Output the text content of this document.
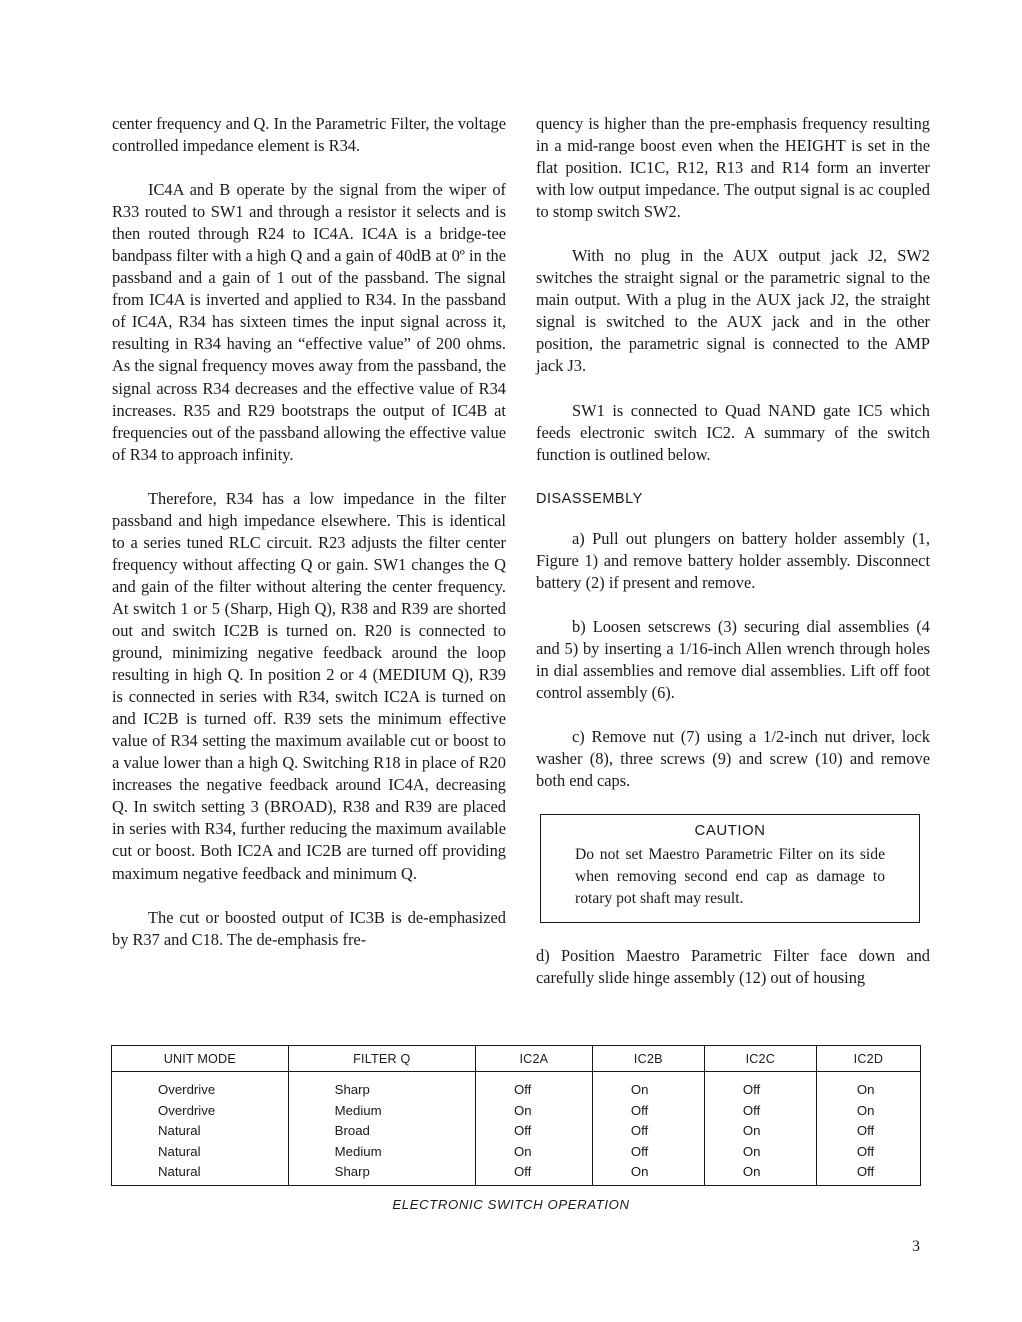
center frequency and Q. In the Parametric Filter, the voltage controlled impedance element is R34.

IC4A and B operate by the signal from the wiper of R33 routed to SW1 and through a resistor it selects and is then routed through R24 to IC4A. IC4A is a bridge-tee bandpass filter with a high Q and a gain of 40dB at 0º in the passband and a gain of 1 out of the passband. The signal from IC4A is inverted and applied to R34. In the passband of IC4A, R34 has sixteen times the input signal across it, resulting in R34 having an “effective value” of 200 ohms. As the signal frequency moves away from the passband, the signal across R34 decreases and the effective value of R34 increases. R35 and R29 bootstraps the output of IC4B at frequencies out of the passband allowing the effective value of R34 to approach infinity.

Therefore, R34 has a low impedance in the filter passband and high impedance elsewhere. This is identical to a series tuned RLC circuit. R23 adjusts the filter center frequency without affecting Q or gain. SW1 changes the Q and gain of the filter without altering the center frequency. At switch 1 or 5 (Sharp, High Q), R38 and R39 are shorted out and switch IC2B is turned on. R20 is connected to ground, minimizing negative feedback around the loop resulting in high Q. In position 2 or 4 (MEDIUM Q), R39 is connected in series with R34, switch IC2A is turned on and IC2B is turned off. R39 sets the minimum effective value of R34 setting the maximum available cut or boost to a value lower than a high Q. Switching R18 in place of R20 increases the negative feedback around IC4A, decreasing Q. In switch setting 3 (BROAD), R38 and R39 are placed in series with R34, further reducing the maximum available cut or boost. Both IC2A and IC2B are turned off providing maximum negative feedback and minimum Q.

The cut or boosted output of IC3B is de-emphasized by R37 and C18. The de-emphasis fre-

quency is higher than the pre-emphasis frequency resulting in a mid-range boost even when the HEIGHT is set in the flat position. IC1C, R12, R13 and R14 form an inverter with low output impedance. The output signal is ac coupled to stomp switch SW2.

With no plug in the AUX output jack J2, SW2 switches the straight signal or the parametric signal to the main output. With a plug in the AUX jack J2, the straight signal is switched to the AUX jack and in the other position, the parametric signal is connected to the AMP jack J3.

SW1 is connected to Quad NAND gate IC5 which feeds electronic switch IC2. A summary of the switch function is outlined below.

DISASSEMBLY

a) Pull out plungers on battery holder assembly (1, Figure 1) and remove battery holder assembly. Disconnect battery (2) if present and remove.

b) Loosen setscrews (3) securing dial assemblies (4 and 5) by inserting a 1/16-inch Allen wrench through holes in dial assemblies and remove dial assemblies. Lift off foot control assembly (6).

c) Remove nut (7) using a 1/2-inch nut driver, lock washer (8), three screws (9) and screw (10) and remove both end caps.

CAUTION
Do not set Maestro Parametric Filter on its side when removing second end cap as damage to rotary pot shaft may result.

d) Position Maestro Parametric Filter face down and carefully slide hinge assembly (12) out of housing

UNIT MODE	FILTER Q	IC2A	IC2B	IC2C	IC2D
Overdrive	Sharp	Off	On	Off	On
Overdrive	Medium	On	Off	Off	On
Natural	Broad	Off	Off	On	Off
Natural	Medium	On	Off	On	Off
Natural	Sharp	Off	On	On	Off
ELECTRONIC SWITCH OPERATION
3
